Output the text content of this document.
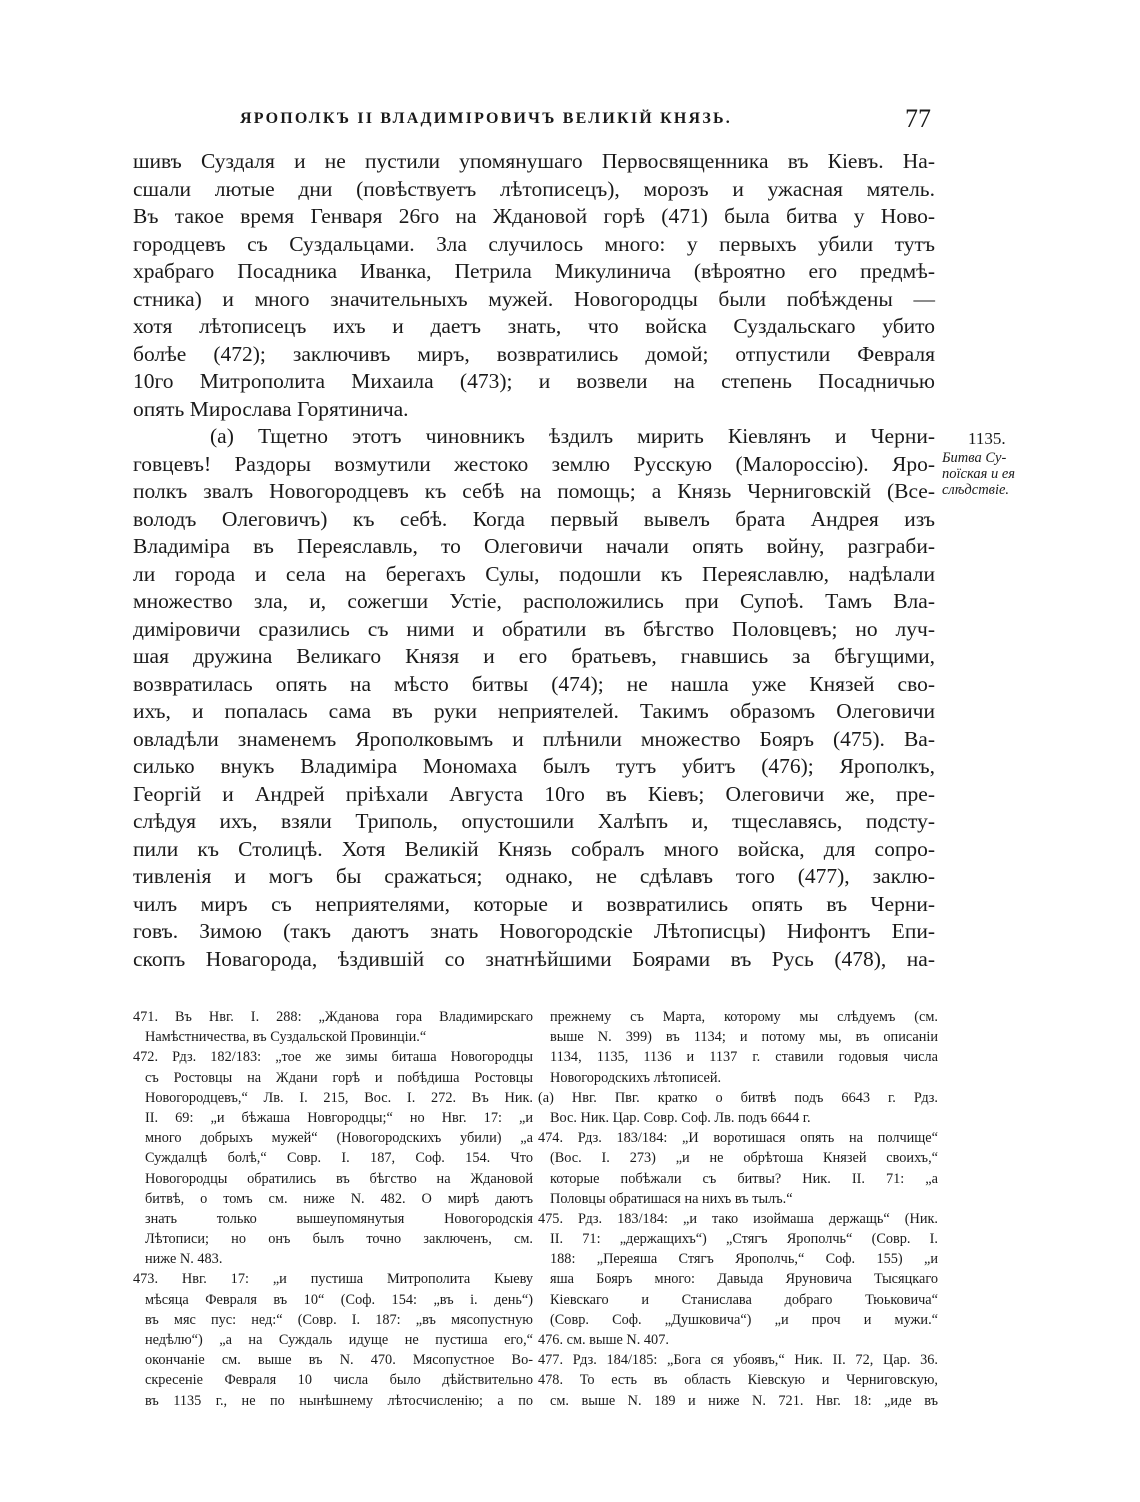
ЯРОПОЛКЪ II ВЛАДИМІРОВИЧЪ ВЕЛИКІЙ КНЯЗЬ.	77
шивъ Суздаля и не пустили упомянушаго Первосвященника въ Кіевъ. На-
сшали лютые дни (повѣствуетъ лѣтописецъ), морозъ и ужасная мятель.
Въ такое время Генваря 26го на Ждановой горѣ (471) была битва у Ново-
городцевъ съ Суздальцами. Зла случилось много: у первыхъ убили тутъ
храбраго Посадника Иванка, Петрила Микулинича (вѣроятно его предмѣ-
стника) и много значительныхъ мужей. Новогородцы были побѣждены —
хотя лѣтописецъ ихъ и даетъ знать, что войска Суздальскаго убито
болѣе (472); заключивъ миръ, возвратились домой; отпустили Февраля
10го Митрополита Михаила (473); и возвели на степень Посадничью
опять Мирослава Горятинича.
(а) Тщетно этотъ чиновникъ ѣздилъ мирить Кіевлянъ и Черни-
говцевъ! Раздоры возмутили жестоко землю Русскую (Малороссію). Яро-
полкъ звалъ Новогородцевъ къ себѣ на помощь; а Князь Черниговскій (Все-
володъ Олеговичъ) къ себѣ. Когда первый вывелъ брата Андрея изъ
Владиміра въ Переяславль, то Олеговичи начали опять войну, разграби-
ли города и села на берегахъ Сулы, подошли къ Переяславлю, надѣлали
множество зла, и, сожегши Устіе, расположились при Супоѣ. Тамъ Вла-
диміровичи сразились съ ними и обратили въ бѣгство Половцевъ; но луч-
шая дружина Великаго Князя и его братьевъ, гнавшись за бѣгущими,
возвратилась опять на мѣсто битвы (474); не нашла уже Князей сво-
ихъ, и попалась сама въ руки неприятелей. Такимъ образомъ Олеговичи
овладѣли знаменемъ Ярополковымъ и плѣнили множество Бояръ (475). Ва-
силько внукъ Владиміра Мономаха былъ тутъ убитъ (476); Ярополкъ,
Георгій и Андрей пріѣхали Августа 10го въ Кіевъ; Олеговичи же, пре-
слѣдуя ихъ, взяли Триполь, опустошили Халѣпъ и, тщеславясь, подсту-
пили къ Столицѣ. Хотя Великій Князь собралъ много войска, для сопро-
тивленія и могъ бы сражаться; однако, не сдѣлавъ того (477), заклю-
чилъ миръ съ неприятелями, которые и возвратились опять въ Черни-
говъ. Зимою (такъ даютъ знать Новогородскіе Лѣтописцы) Нифонтъ Епи-
скопъ Новагорода, ѣздившій со знатнѣйшими Боярами въ Русь (478), на-
1135.
Битва Су-
поїская и ея
слѣдствіе.
471. Въ Нвг. I. 288: „Жданова гора Владимирскаго
Намѣстничества, въ Суздальской Провинціи.“
472. Рдз. 182/183: „тое же зимы биташа Новогородцы
съ Ростовцы на Ждани горѣ и побѣдиша Ростовцы
Новогородцевъ,“ Лв. I. 215, Вос. I. 272. Въ Ник.
II. 69: „и бѣжаша Новгородцы;“ но Нвг. 17: „и
много добрыхъ мужей“ (Новогородскихъ убили) „а
Суждалцѣ болѣ,“ Совр. I. 187, Соф. 154. Что
Новогородцы обратились въ бѣгство на Ждановой
битвѣ, о томъ см. ниже N. 482. О мирѣ даютъ
знать только вышеупомянутыя Новогородскія
Лѣтописи; но онъ былъ точно заключенъ, см.
ниже N. 483.
473. Нвг. 17: „и пустиша Митрополита Кыеву
мѣсяца Февраля въ 10“ (Соф. 154: „въ і. день“)
въ мяс пус: нед:“ (Совр. I. 187: „въ мясопустную
недѣлю“) „а на Суждаль идуще не пустиша его,“
окончаніе см. выше въ N. 470. Мясопустное Во-
скресеніе Февраля 10 числа было дѣйствительно
въ 1135 г., не по нынѣшнему лѣтосчисленію; а по
прежнему съ Марта, которому мы слѣдуемъ (см.
выше N. 399) въ 1134; и потому мы, въ описаніи
1134, 1135, 1136 и 1137 г. ставили годовыя числа
Новогородскихъ лѣтописей.
(а) Нвг. Пвг. кратко о битвѣ подъ 6643 г. Рдз.
Вос. Ник. Цар. Совр. Соф. Лв. подъ 6644 г.
474. Рдз. 183/184: „И воротишася опять на полчище“
(Вос. I. 273) „и не обрѣтоша Князей своихъ,“
которые побѣжали съ битвы? Ник. II. 71: „а
Половцы обратишася на нихъ въ тылъ.“
475. Рдз. 183/184: „и тако изоймаша держащь“ (Ник.
II. 71: „держащихъ“) „Стягъ Ярополчь“ (Совр. I.
188: „Переяша Стягъ Ярополчь,“ Соф. 155) „и
яша Бояръ много: Давыда Яруновича Тысяцкаго
Кіевскаго и Станислава добраго Тюьковича“
(Совр. Соф. „Душковича“) „и проч и мужи.“
476. см. выше N. 407.
477. Рдз. 184/185: „Бога ся убоявъ,“ Ник. II. 72, Цар. 36.
478. То есть въ область Кіевскую и Черниговскую,
см. выше N. 189 и ниже N. 721. Нвг. 18: „иде въ
